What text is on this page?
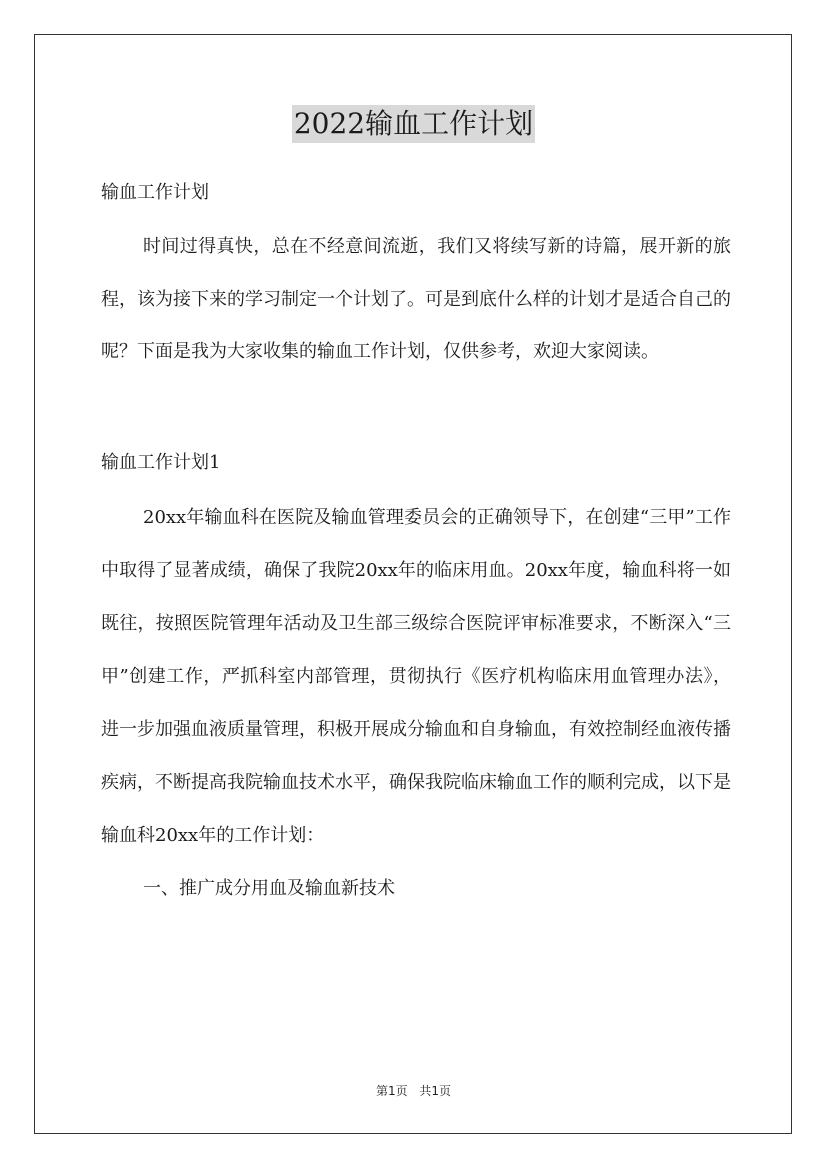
2022输血工作计划

输血工作计划

时间过得真快，总在不经意间流逝，我们又将续写新的诗篇，展开新的旅程，该为接下来的学习制定一个计划了。可是到底什么样的计划才是适合自己的呢？下面是我为大家收集的输血工作计划，仅供参考，欢迎大家阅读。

输血工作计划1

20xx年输血科在医院及输血管理委员会的正确领导下，在创建“三甲”工作中取得了显著成绩，确保了我院20xx年的临床用血。20xx年度，输血科将一如既往，按照医院管理年活动及卫生部三级综合医院评审标准要求，不断深入“三甲”创建工作，严抓科室内部管理，贯彻执行《医疗机构临床用血管理办法》，进一步加强血液质量管理，积极开展成分输血和自身输血，有效控制经血液传播疾病，不断提高我院输血技术水平，确保我院临床输血工作的顺利完成，以下是输血科20xx年的工作计划：

一、推广成分用血及输血新技术

第1页 共1页
